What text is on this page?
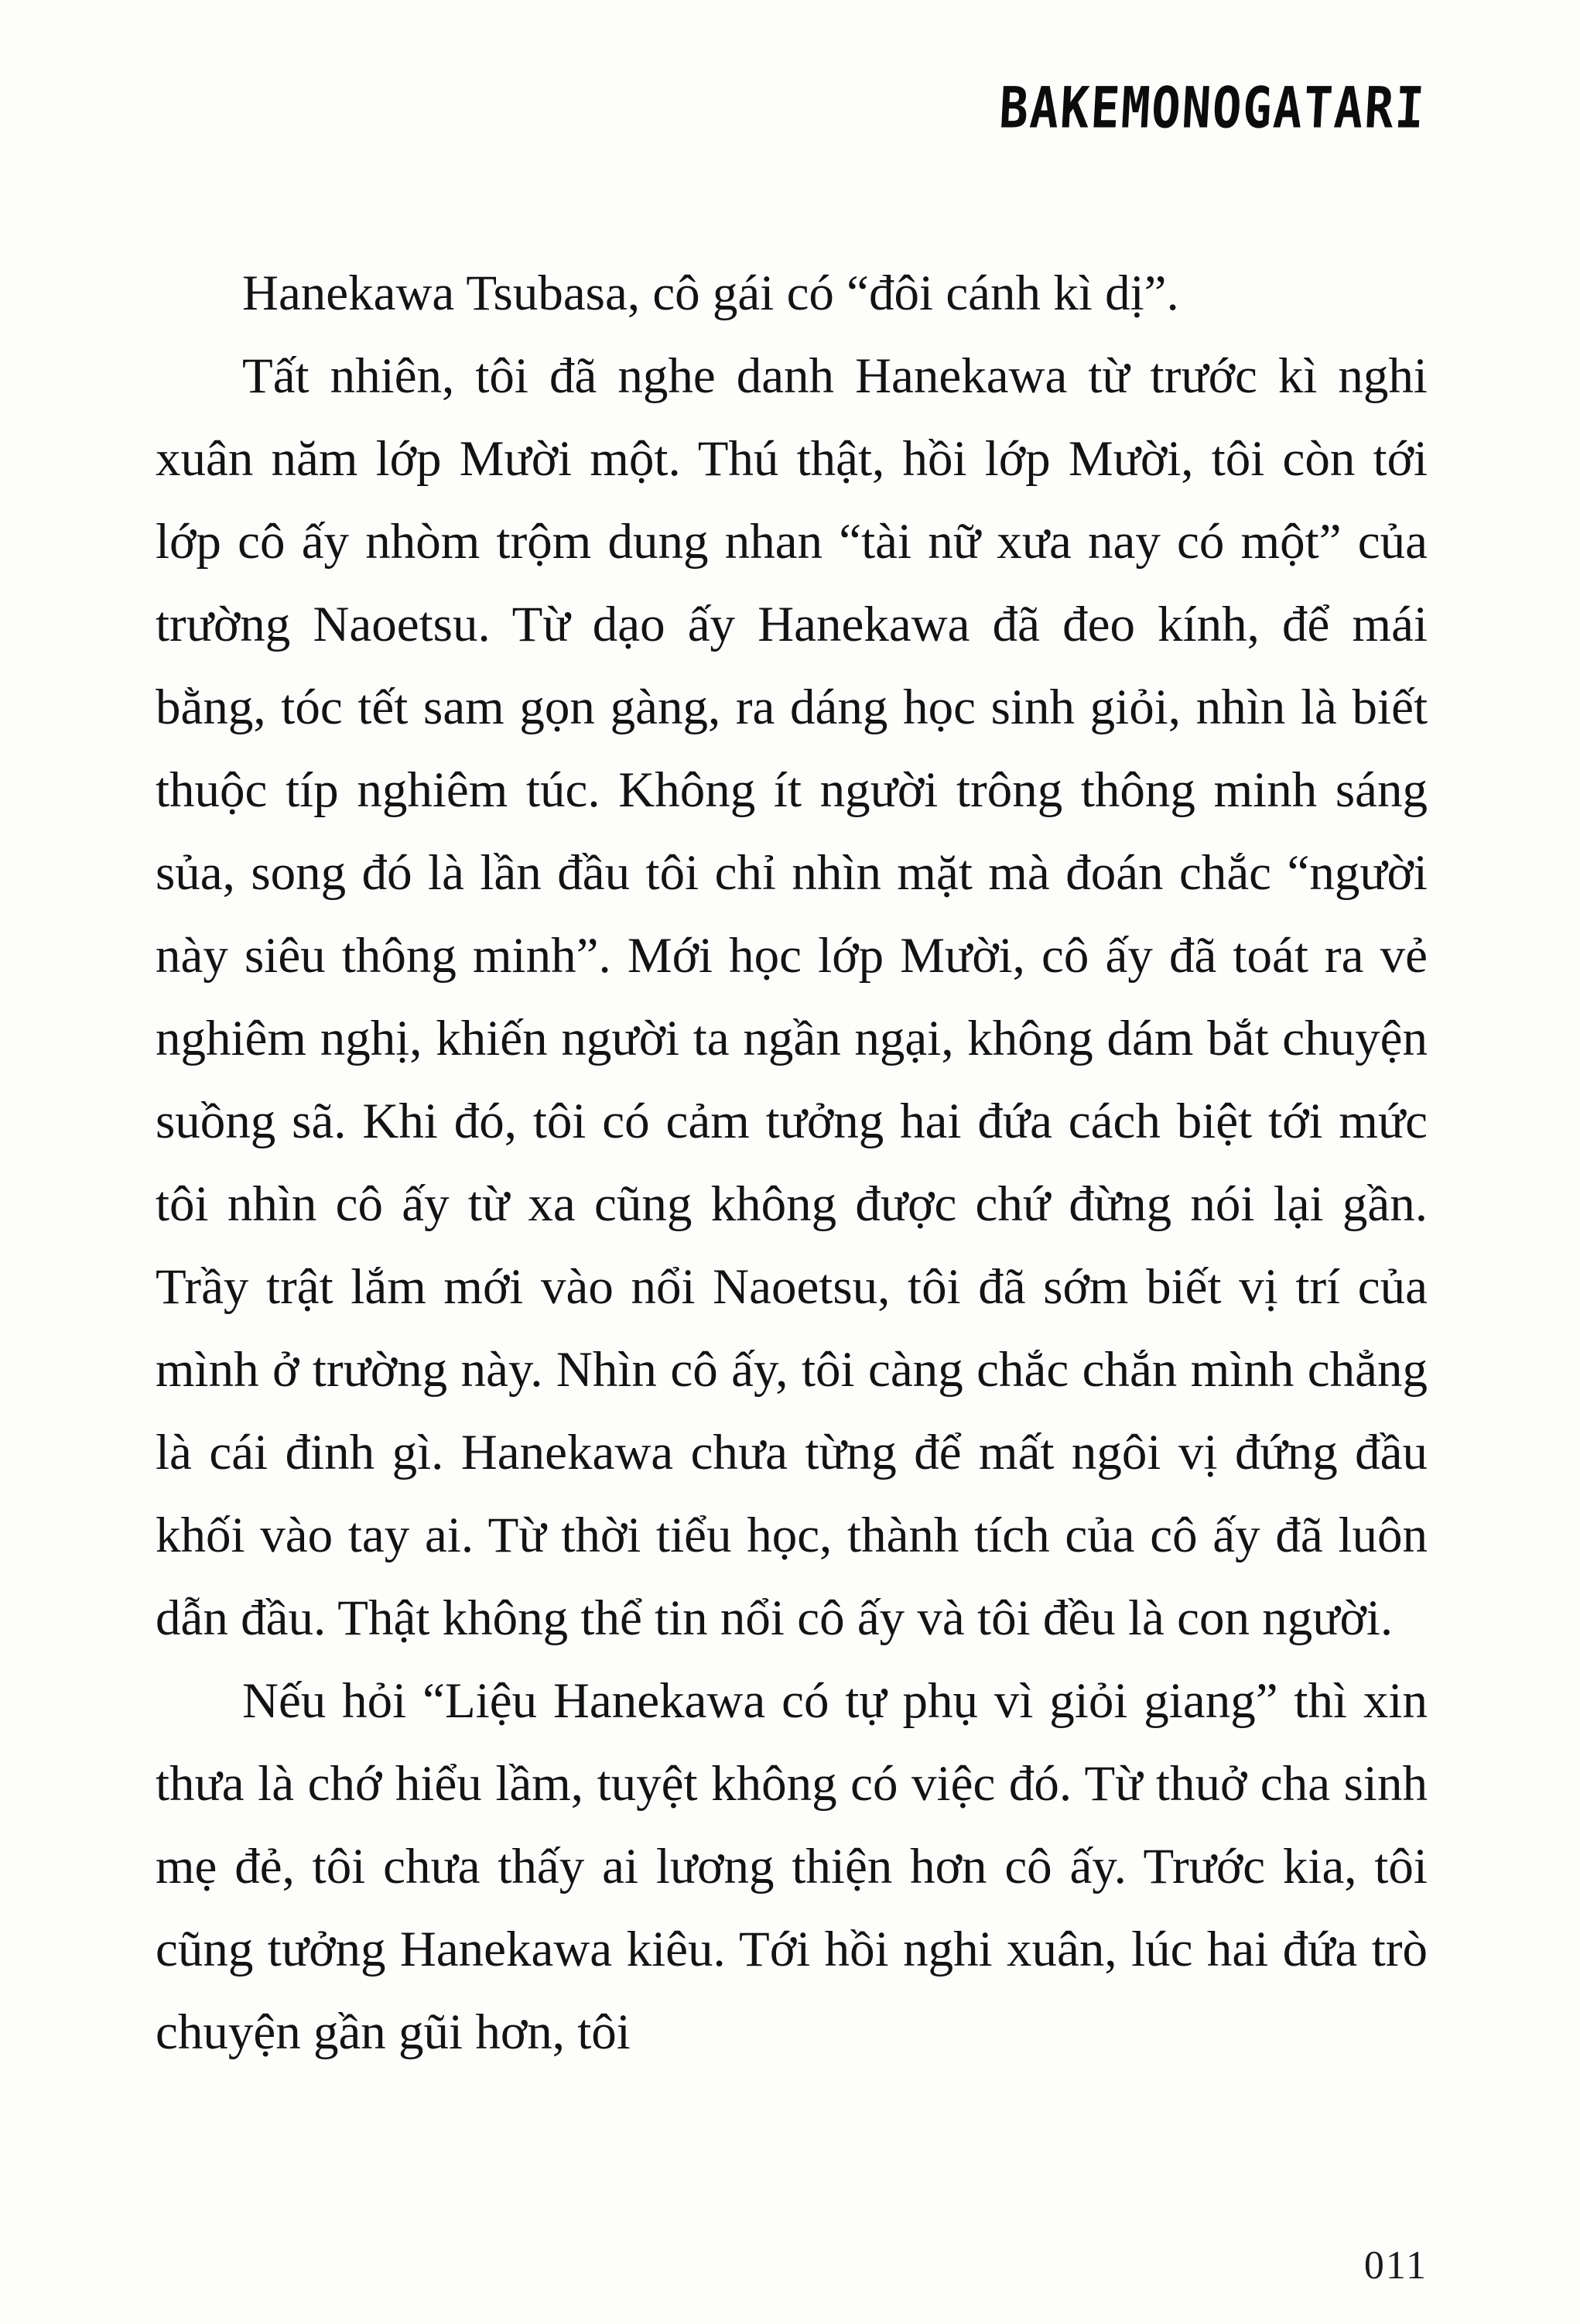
BAKEMONOGATARI

Hanekawa Tsubasa, cô gái có “đôi cánh kì dị”.

Tất nhiên, tôi đã nghe danh Hanekawa từ trước kì nghi xuân năm lớp Mười một. Thú thật, hồi lớp Mười, tôi còn tới lớp cô ấy nhòm trộm dung nhan “tài nữ xưa nay có một” của trường Naoetsu. Từ dạo ấy Hanekawa đã đeo kính, để mái bằng, tóc tết sam gọn gàng, ra dáng học sinh giỏi, nhìn là biết thuộc típ nghiêm túc. Không ít người trông thông minh sáng sủa, song đó là lần đầu tôi chỉ nhìn mặt mà đoán chắc “người này siêu thông minh”. Mới học lớp Mười, cô ấy đã toát ra vẻ nghiêm nghị, khiến người ta ngần ngại, không dám bắt chuyện suồng sã. Khi đó, tôi có cảm tưởng hai đứa cách biệt tới mức tôi nhìn cô ấy từ xa cũng không được chứ đừng nói lại gần. Trầy trật lắm mới vào nổi Naoetsu, tôi đã sớm biết vị trí của mình ở trường này. Nhìn cô ấy, tôi càng chắc chắn mình chẳng là cái đinh gì. Hanekawa chưa từng để mất ngôi vị đứng đầu khối vào tay ai. Từ thời tiểu học, thành tích của cô ấy đã luôn dẫn đầu. Thật không thể tin nổi cô ấy và tôi đều là con người.

Nếu hỏi “Liệu Hanekawa có tự phụ vì giỏi giang” thì xin thưa là chớ hiểu lầm, tuyệt không có việc đó. Từ thuở cha sinh mẹ đẻ, tôi chưa thấy ai lương thiện hơn cô ấy. Trước kia, tôi cũng tưởng Hanekawa kiêu. Tới hồi nghi xuân, lúc hai đứa trò chuyện gần gũi hơn, tôi

011
